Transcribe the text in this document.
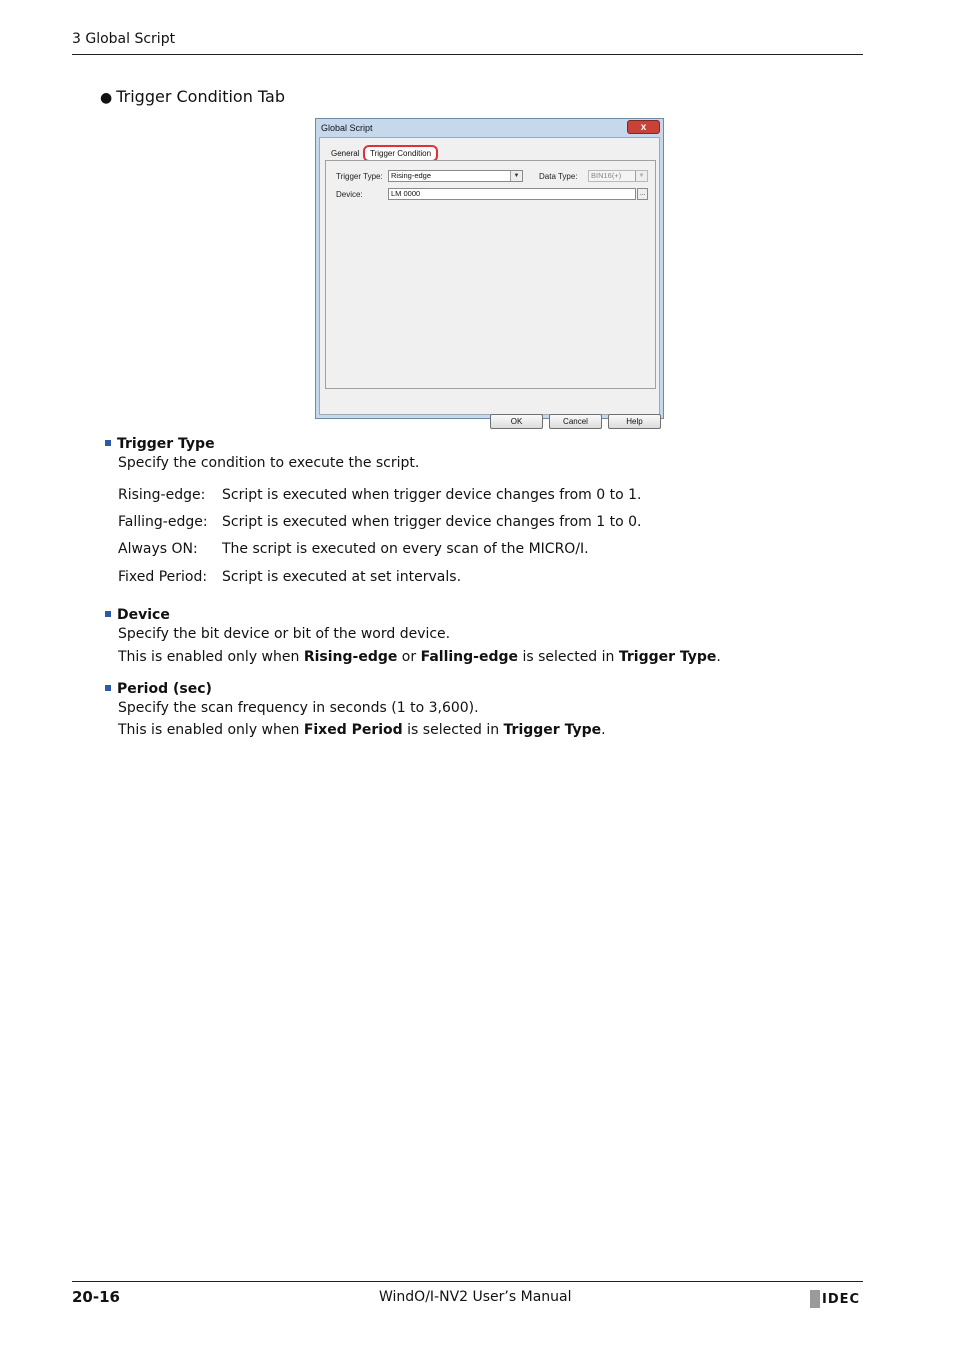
3 Global Script
● Trigger Condition Tab
Global Script	x
General	Trigger Condition
Trigger Type:	Rising-edge	▼	Data Type:	BIN16(+)	▼
Device:	LM 0000	...
OK	Cancel	Help
Trigger Type
Specify the condition to execute the script.
Rising-edge: Script is executed when trigger device changes from 0 to 1.
Falling-edge: Script is executed when trigger device changes from 1 to 0.
Always ON: The script is executed on every scan of the MICRO/I.
Fixed Period: Script is executed at set intervals.
Device
Specify the bit device or bit of the word device.
This is enabled only when Rising-edge or Falling-edge is selected in Trigger Type.
Period (sec)
Specify the scan frequency in seconds (1 to 3,600).
This is enabled only when Fixed Period is selected in Trigger Type.
20-16	WindO/I-NV2 User’s Manual	IDEC
